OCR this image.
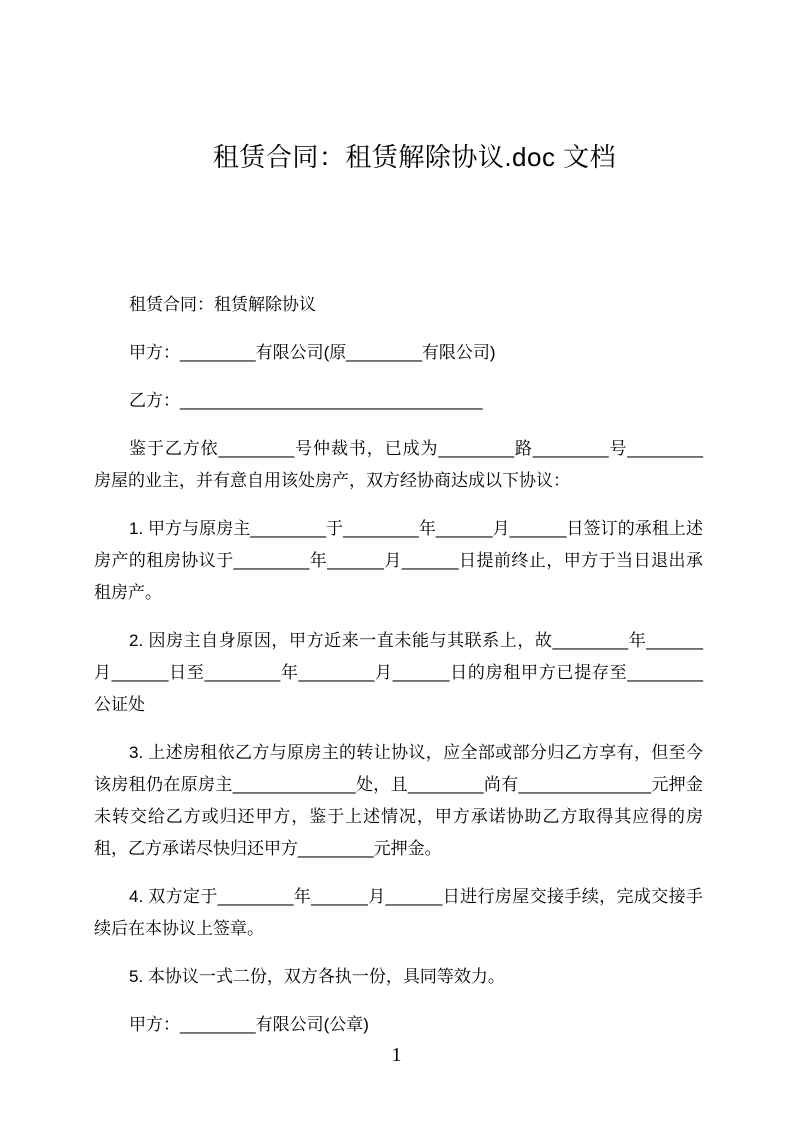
租赁合同：租赁解除协议.doc 文档

租赁合同：租赁解除协议

甲方：________有限公司(原________有限公司)

乙方：________________________________

鉴于乙方依________号仲裁书，已成为________路________号________房屋的业主，并有意自用该处房产，双方经协商达成以下协议：

1. 甲方与原房主________于________年______月______日签订的承租上述房产的租房协议于________年______月______日提前终止，甲方于当日退出承租房产。

2. 因房主自身原因，甲方近来一直未能与其联系上，故________年______月______日至________年________月______日的房租甲方已提存至________公证处

3. 上述房租依乙方与原房主的转让协议，应全部或部分归乙方享有，但至今该房租仍在原房主_____________处，且________尚有______________元押金未转交给乙方或归还甲方，鉴于上述情况，甲方承诺协助乙方取得其应得的房租，乙方承诺尽快归还甲方________元押金。

4. 双方定于________年______月______日进行房屋交接手续，完成交接手续后在本协议上签章。

5. 本协议一式二份，双方各执一份，具同等效力。

甲方：________有限公司(公章)

1
